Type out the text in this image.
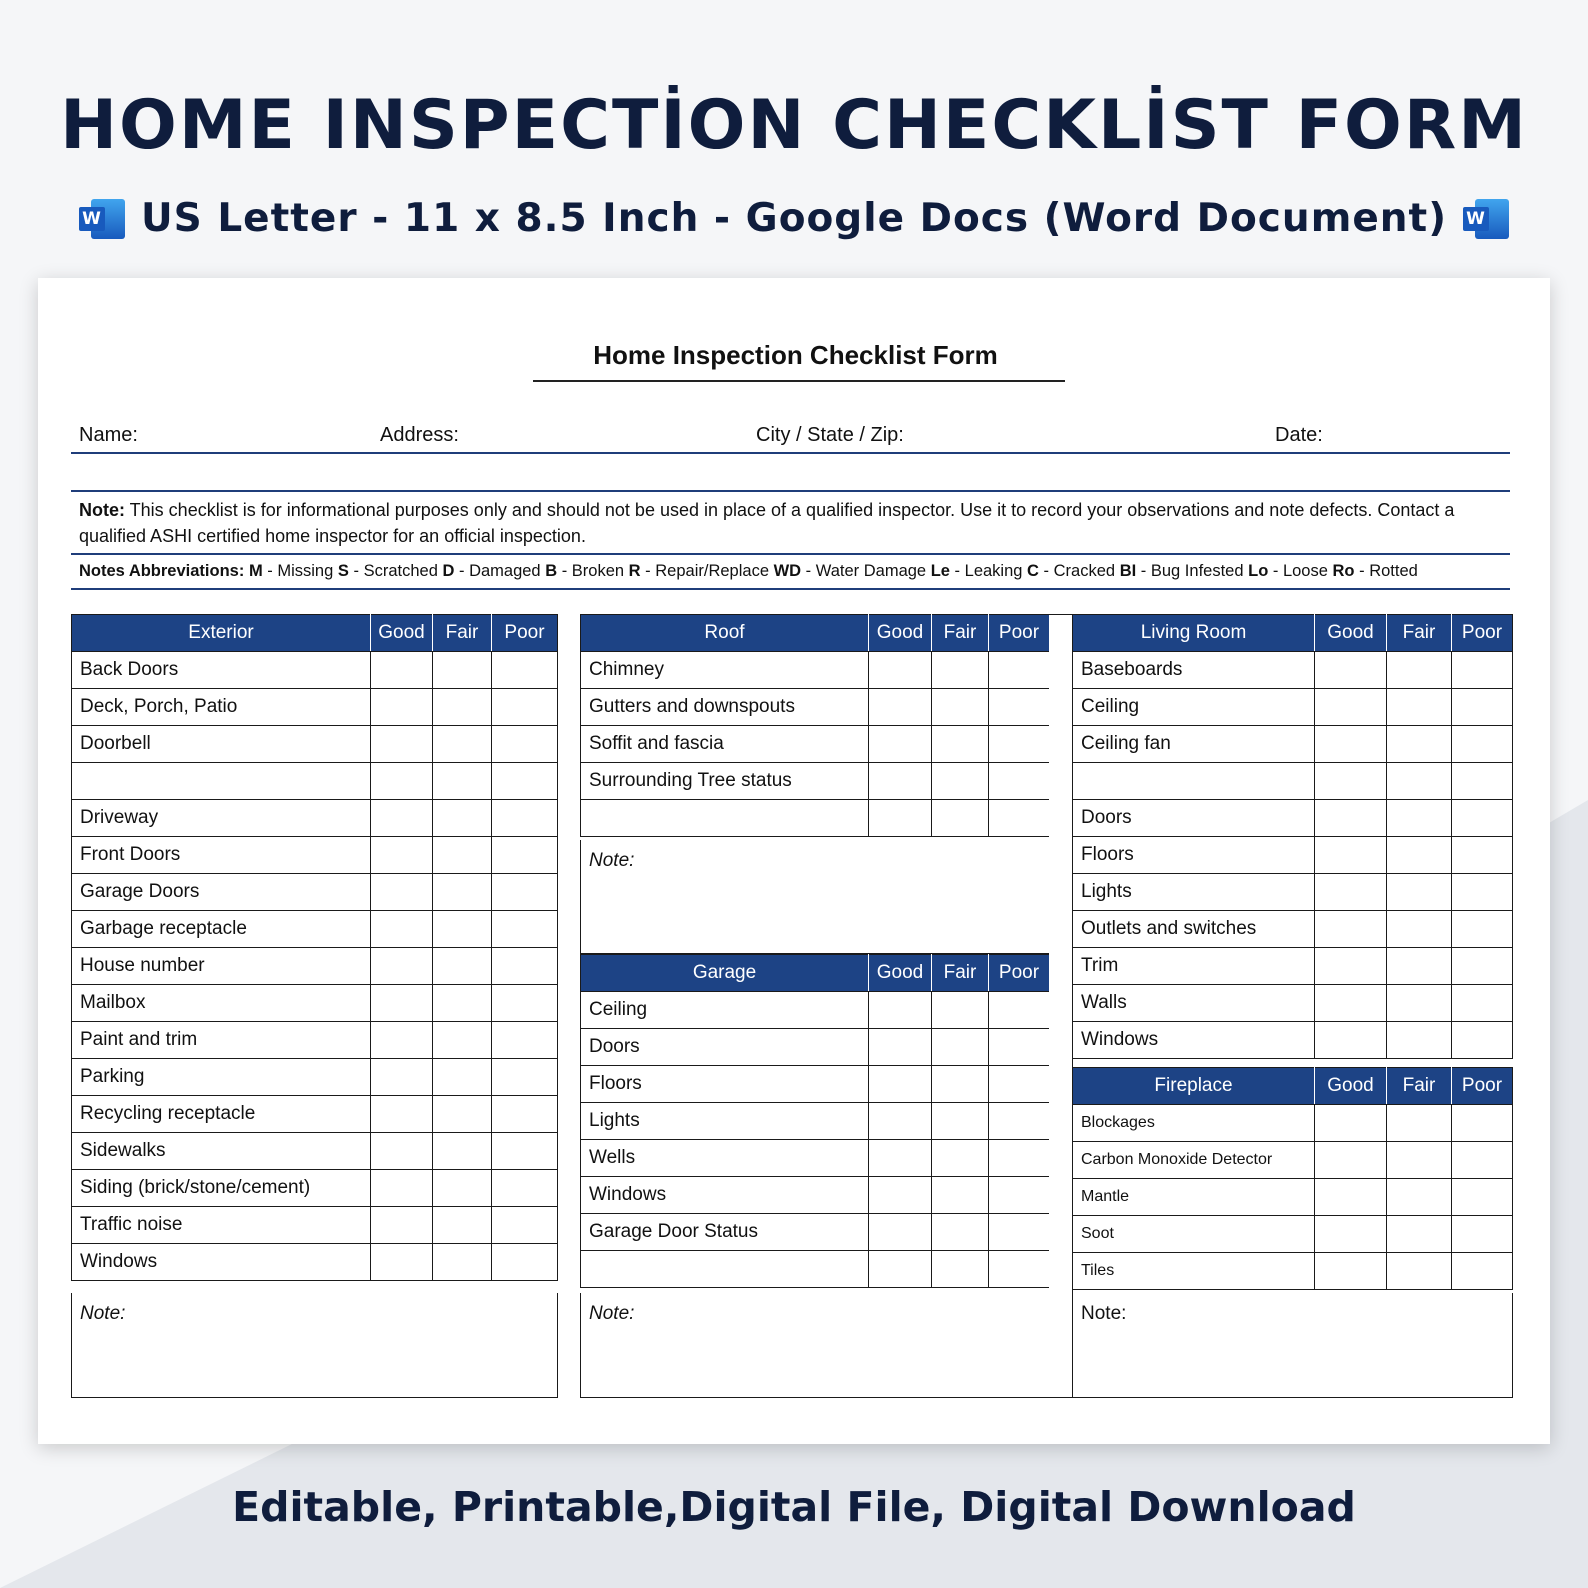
HOME INSPECTİON CHECKLİST FORM
W US Letter - 11 x 8.5 Inch - Google Docs (Word Document) W
Home Inspection Checklist Form
Name:	Address:	City / State / Zip:	Date:
Note: This checklist is for informational purposes only and should not be used in place of a qualified inspector. Use it to record your observations and note defects. Contact a qualified ASHI certified home inspector for an official inspection.
Notes Abbreviations: M - Missing S - Scratched D - Damaged B - Broken R - Repair/Replace WD - Water Damage Le - Leaking C - Cracked BI - Bug Infested Lo - Loose Ro - Rotted
Exterior	Good	Fair	Poor
Back Doors			
Deck, Porch, Patio			
Doorbell			

Driveway			
Front Doors			
Garage Doors			
Garbage receptacle			
House number			
Mailbox			
Paint and trim			
Parking			
Recycling receptacle			
Sidewalks			
Siding (brick/stone/cement)			
Traffic noise			
Windows			
Note:
Roof	Good	Fair	Poor
Chimney			
Gutters and downspouts			
Soffit and fascia			
Surrounding Tree status			

Note:
Garage	Good	Fair	Poor
Ceiling			
Doors			
Floors			
Lights			
Wells			
Windows			
Garage Door Status			

Note:
Living Room	Good	Fair	Poor
Baseboards			
Ceiling			
Ceiling fan			

Doors			
Floors			
Lights			
Outlets and switches			
Trim			
Walls			
Windows			
Fireplace	Good	Fair	Poor
Blockages			
Carbon Monoxide Detector			
Mantle			
Soot			
Tiles			
Note:
Editable, Printable,Digital File, Digital Download
